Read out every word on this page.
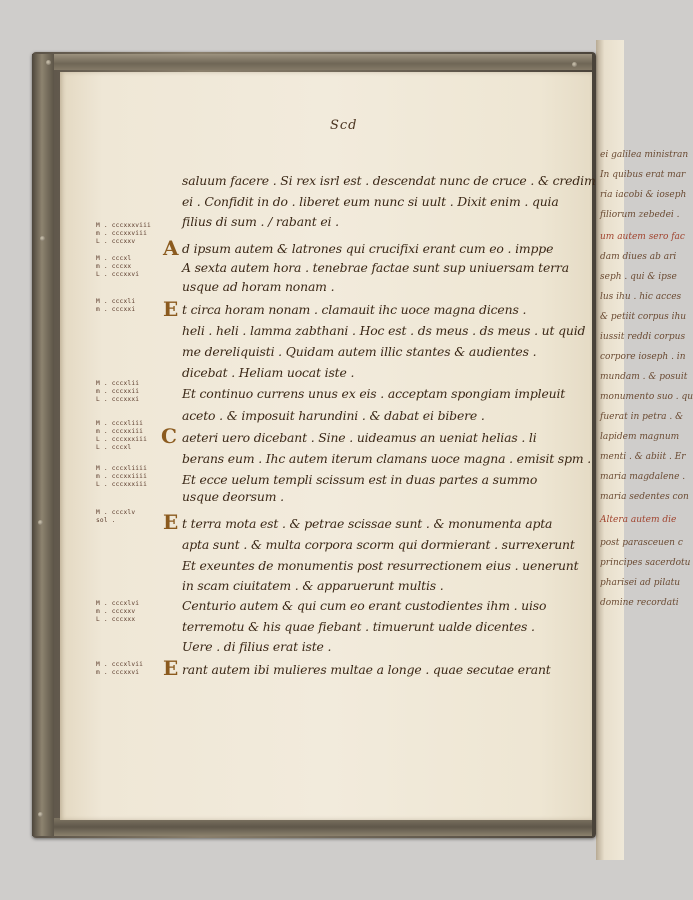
Scd
saluum facere . Si rex isrl est . descendat nunc de cruce . & credim
ei . Confidit in do . liberet eum nunc si uult . Dixit enim . quia
filius di sum . / rabant ei .
d ipsum autem & latrones qui crucifixi erant cum eo . imppe
A sexta autem hora . tenebrae factae sunt sup uniuersam terra
usque ad horam nonam .
t circa horam nonam . clamauit ihc uoce magna dicens .
heli . heli . lamma zabthani . Hoc est . ds meus . ds meus . ut quid
me dereliquisti . Quidam autem illic stantes & audientes .
dicebat . Heliam uocat iste .
Et continuo currens unus ex eis . acceptam spongiam impleuit
aceto . & imposuit harundini . & dabat ei bibere .
aeteri uero dicebant . Sine . uideamus an ueniat helias . li
berans eum . Ihc autem iterum clamans uoce magna . emisit spm .
Et ecce uelum templi scissum est in duas partes a summo
usque deorsum .
t terra mota est . & petrae scissae sunt . & monumenta apta
apta sunt . & multa corpora scorm qui dormierant . surrexerunt
Et exeuntes de monumentis post resurrectionem eius . uenerunt
in scam ciuitatem . & apparuerunt multis .
Centurio autem & qui cum eo erant custodientes ihm . uiso
terremotu & his quae fiebant . timuerunt ualde dicentes .
Uere . di filius erat iste .
rant autem ibi mulieres multae a longe . quae secutae erant
A
E
C
E
E
M . cccxxxviii
m . cccxxviii
L . cccxxv
M . cccxl
m . cccxx
L . cccxxvi
M . cccxli
m . cccxxi
M . cccxlii
m . cccxxii
L . cccxxxi
M . cccxliii
m . cccxxiii
L . cccxxxiii
L . cccxl
M . cccxliiii
m . cccxxiiii
L . cccxxxiii
M . cccxlv
sol .
M . cccxlvi
m . cccxxv
L . cccxxx
M . cccxlvii
m . cccxxvi
ei galilea ministran
In quibus erat mar
ria iacobi & ioseph
filiorum zebedei .
um autem sero fac
dam diues ab ari
seph . qui & ipse
lus ihu . hic acces
& petiit corpus ihu
iussit reddi corpus
corpore ioseph . in
mundam . & posuit
monumento suo . qu
fuerat in petra . &
lapidem magnum
menti . & abiit . Er
maria magdalene .
maria sedentes con
Altera autem die
post parasceuen c
principes sacerdotu
pharisei ad pilatu
domine recordati
